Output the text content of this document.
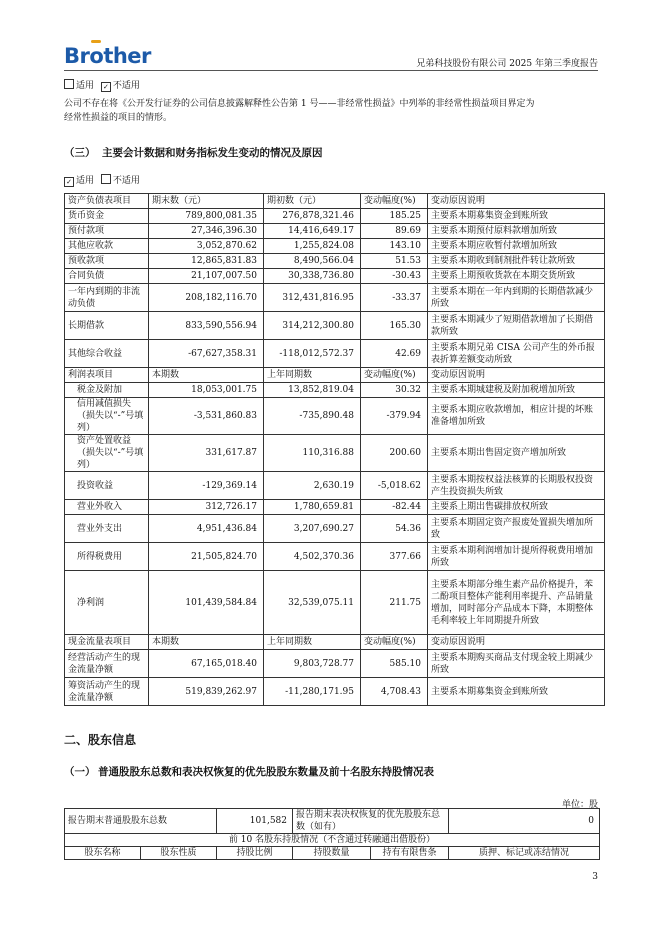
Brother	兄弟科技股份有限公司 2025 年第三季度报告
适用 ✓ 不适用
公司不存在将《公开发行证券的公司信息披露解释性公告第 1 号——非经常性损益》中列举的非经常性损益项目界定为
经常性损益的项目的情形。
（三） 主要会计数据和财务指标发生变动的情况及原因
✓ 适用 不适用
资产负债表项目	期末数（元）	期初数（元）	变动幅度(%)	变动原因说明
货币资金	789,800,081.35	276,878,321.46	185.25	主要系本期募集资金到账所致
预付款项	27,346,396.30	14,416,649.17	89.69	主要系本期预付原料款增加所致
其他应收款	3,052,870.62	1,255,824.08	143.10	主要系本期应收暂付款增加所致
预收款项	12,865,831.83	8,490,566.04	51.53	主要系本期收到制剂批件转让款所致
合同负债	21,107,007.50	30,338,736.80	-30.43	主要系上期预收货款在本期交货所致
一年内到期的非流动负债	208,182,116.70	312,431,816.95	-33.37	主要系本期在一年内到期的长期借款减少所致
长期借款	833,590,556.94	314,212,300.80	165.30	主要系本期减少了短期借款增加了长期借款所致
其他综合收益	-67,627,358.31	-118,012,572.37	42.69	主要系本期兄弟 CISA 公司产生的外币报表折算差额变动所致
利润表项目	本期数	上年同期数	变动幅度(%)	变动原因说明
税金及附加	18,053,001.75	13,852,819.04	30.32	主要系本期城建税及附加税增加所致
信用减值损失（损失以“-”号填列）	-3,531,860.83	-735,890.48	-379.94	主要系本期应收款增加，相应计提的坏账准备增加所致
资产处置收益（损失以“-”号填列）	331,617.87	110,316.88	200.60	主要系本期出售固定资产增加所致
投资收益	-129,369.14	2,630.19	-5,018.62	主要系本期按权益法核算的长期股权投资产生投资损失所致
营业外收入	312,726.17	1,780,659.81	-82.44	主要系上期出售碳排放权所致
营业外支出	4,951,436.84	3,207,690.27	54.36	主要系本期固定资产报废处置损失增加所致
所得税费用	21,505,824.70	4,502,370.36	377.66	主要系本期利润增加计提所得税费用增加所致
净利润	101,439,584.84	32,539,075.11	211.75	主要系本期部分维生素产品价格提升，苯二酚项目整体产能利用率提升、产品销量增加，同时部分产品成本下降，本期整体毛利率较上年同期提升所致
现金流量表项目	本期数	上年同期数	变动幅度(%)	变动原因说明
经营活动产生的现金流量净额	67,165,018.40	9,803,728.77	585.10	主要系本期购买商品支付现金较上期减少所致
筹资活动产生的现金流量净额	519,839,262.97	-11,280,171.95	4,708.43	主要系本期募集资金到账所致
二、股东信息
（一） 普通股股东总数和表决权恢复的优先股股东数量及前十名股东持股情况表
单位：股
报告期末普通股股东总数		101,582	报告期末表决权恢复的优先股股东总数（如有）		0
前 10 名股东持股情况（不含通过转融通出借股份）					
股东名称	股东性质	持股比例	持股数量	持有有限售条	质押、标记或冻结情况
3
